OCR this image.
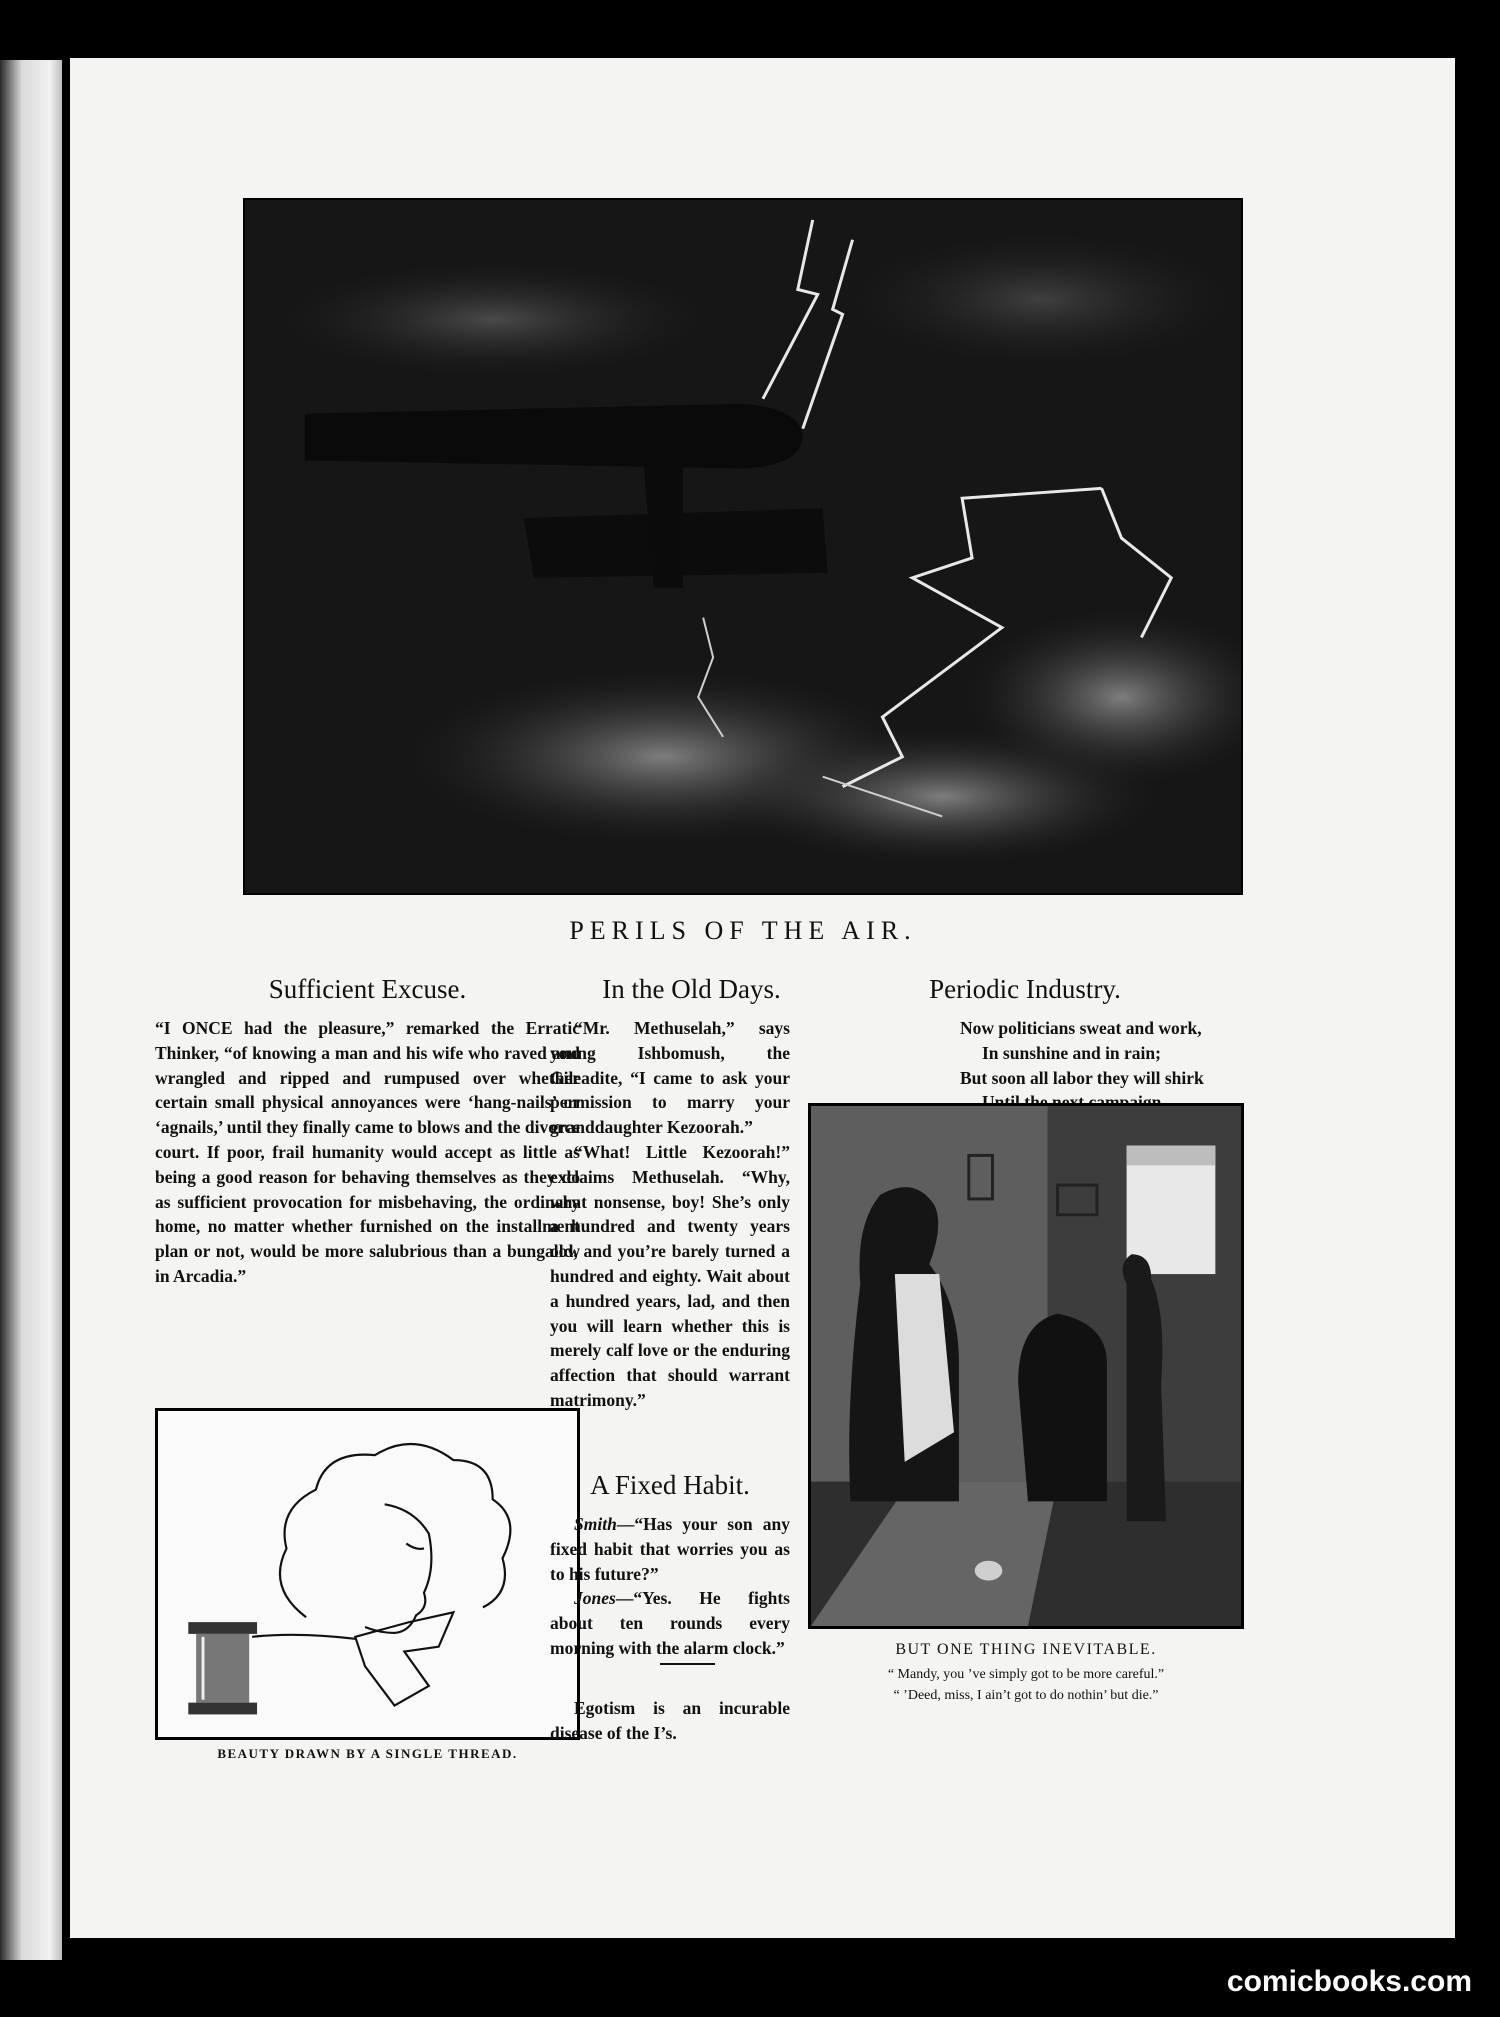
PERILS OF THE AIR.
Sufficient Excuse.

“I ONCE had the pleasure,” remarked the Erratic Thinker, “of knowing a man and his wife who raved and wrangled and ripped and rumpused over whether certain small physical annoyances were ‘hang-nails’ or ‘agnails,’ until they finally came to blows and the divorce court. If poor, frail humanity would accept as little as being a good reason for behaving themselves as they do as sufficient provocation for misbehaving, the ordinary home, no matter whether furnished on the installment plan or not, would be more salubrious than a bungalow in Arcadia.”

BEAUTY DRAWN BY A SINGLE THREAD.
In the Old Days.

“Mr. Methuselah,” says young Ishbomush, the Gileadite, “I came to ask your permission to marry your granddaughter Kezoorah.”

“What! Little Kezoorah!” exclaims Methuselah. “Why, what nonsense, boy! She’s only a hundred and twenty years old, and you’re barely turned a hundred and eighty. Wait about a hundred years, lad, and then you will learn whether this is merely calf love or the enduring affection that should warrant matrimony.”

A Fixed Habit.

Smith—“Has your son any fixed habit that worries you as to his future?”

Jones—“Yes. He fights about ten rounds every morning with the alarm clock.”

Egotism is an incurable disease of the I’s.

Periodic Industry.
Now politicians sweat and work,
In sunshine and in rain;
But soon all labor they will shirk
BUT ONE THING INEVITABLE.
“ Mandy, you ’ve simply got to be more careful.”
“ ’Deed, miss, I ain’t got to do nothin’ but die.”
comicbooks.com
